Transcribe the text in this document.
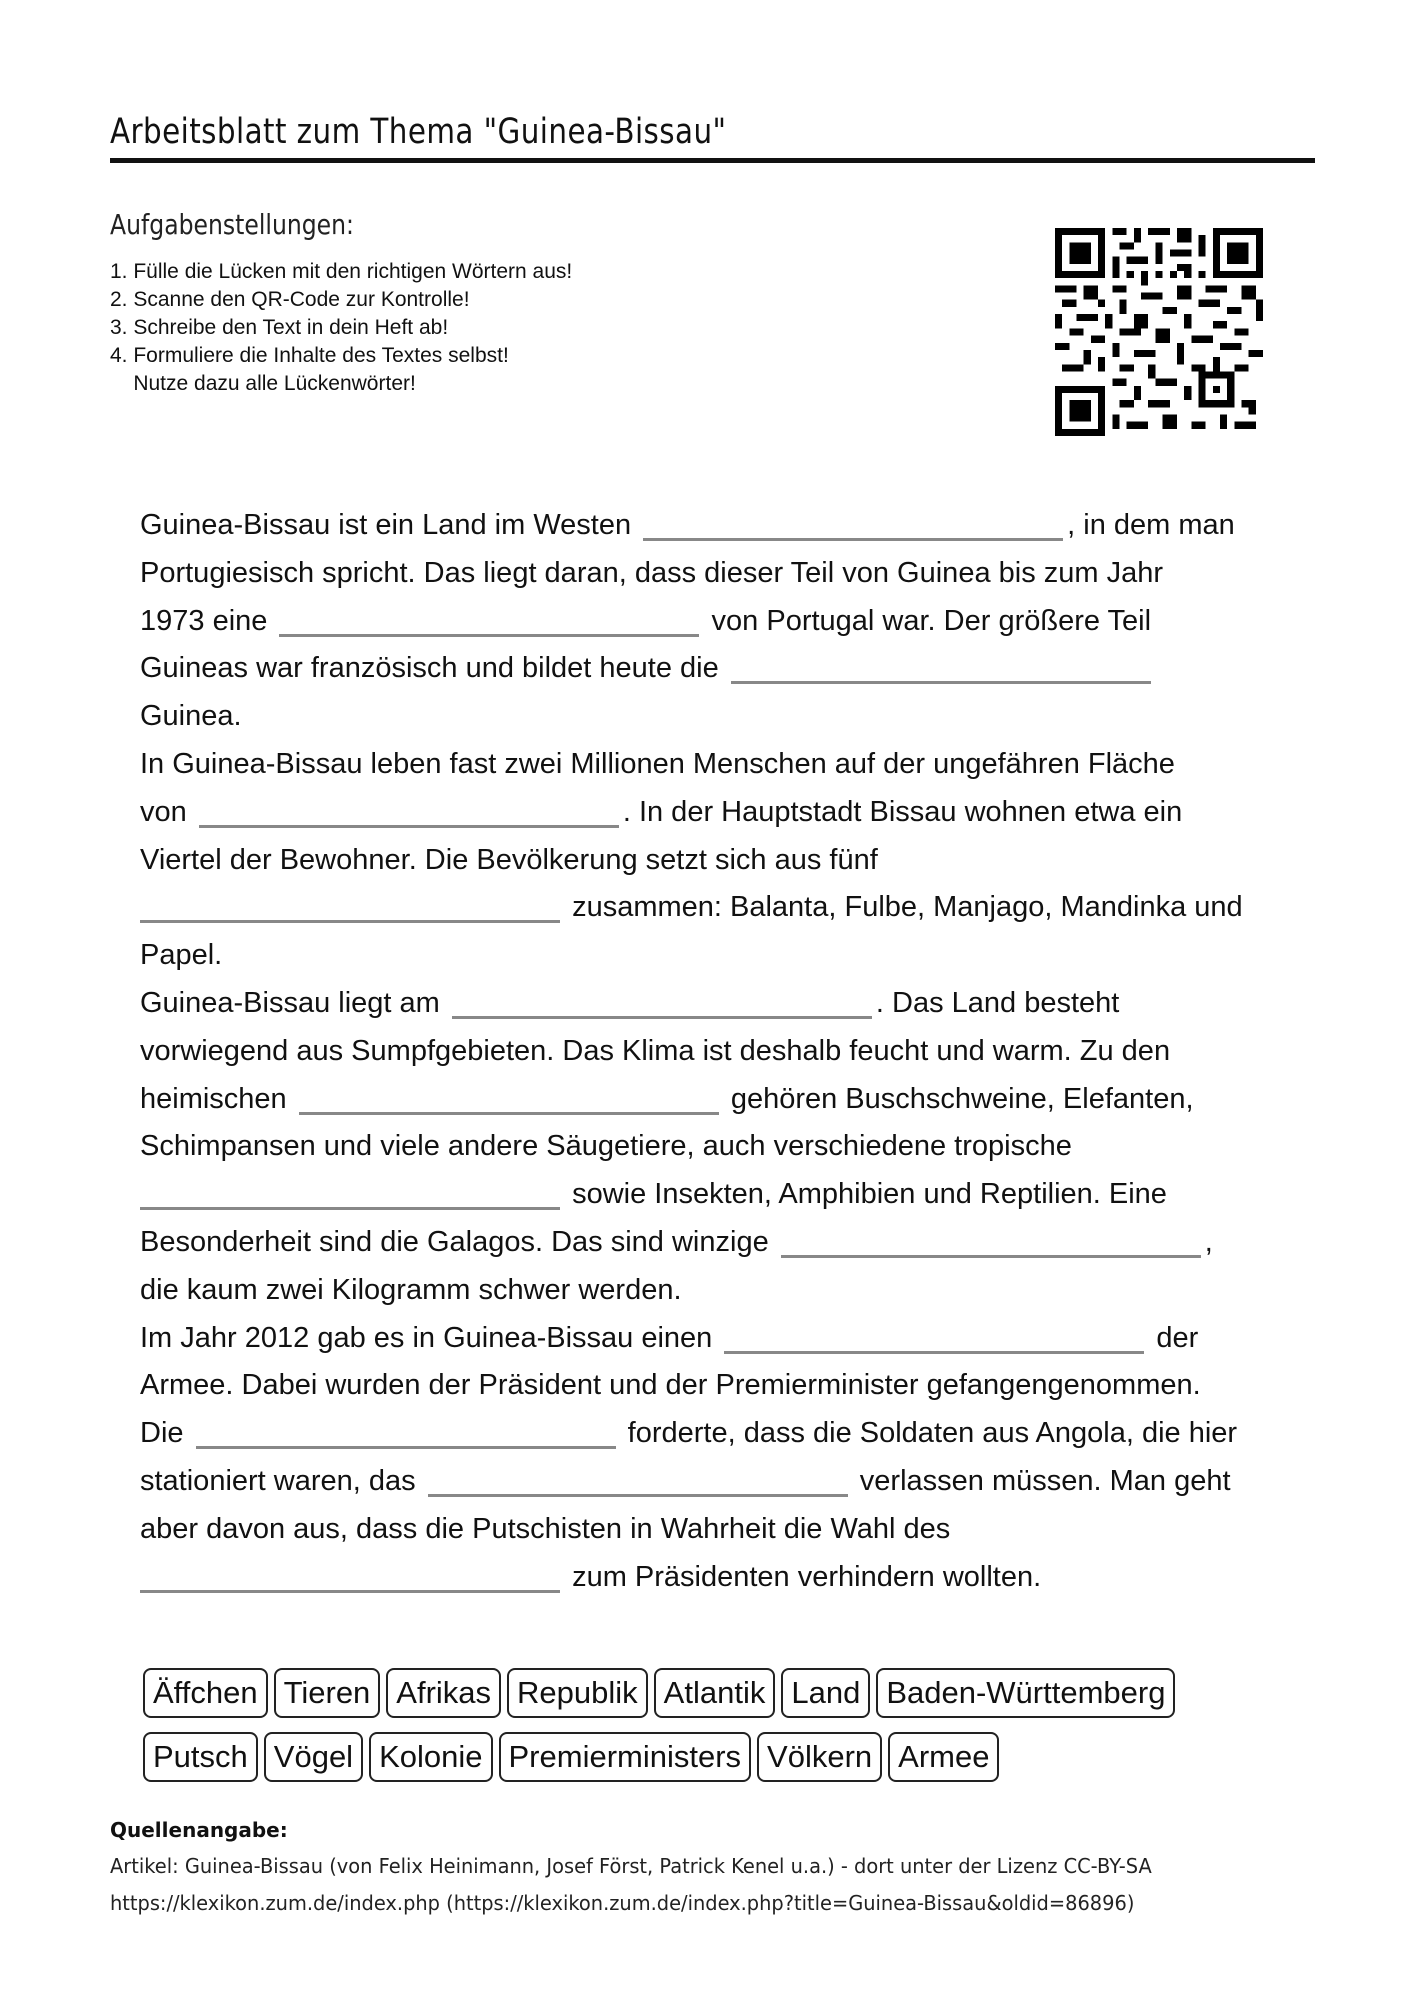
Arbeitsblatt zum Thema "Guinea-Bissau"
Aufgabenstellungen:
1. Fülle die Lücken mit den richtigen Wörtern aus!
2. Scanne den QR-Code zur Kontrolle!
3. Schreibe den Text in dein Heft ab!
4. Formuliere die Inhalte des Textes selbst!
Nutze dazu alle Lückenwörter!
Guinea-Bissau ist ein Land im Westen	, in dem man
Portugiesisch spricht. Das liegt daran, dass dieser Teil von Guinea bis zum Jahr
1973 eine	von Portugal war. Der größere Teil
Guineas war französisch und bildet heute die
Guinea.
In Guinea-Bissau leben fast zwei Millionen Menschen auf der ungefähren Fläche
von	. In der Hauptstadt Bissau wohnen etwa ein
Viertel der Bewohner. Die Bevölkerung setzt sich aus fünf
zusammen: Balanta, Fulbe, Manjago, Mandinka und
Papel.
Guinea-Bissau liegt am	. Das Land besteht
vorwiegend aus Sumpfgebieten. Das Klima ist deshalb feucht und warm. Zu den
heimischen	gehören Buschschweine, Elefanten,
Schimpansen und viele andere Säugetiere, auch verschiedene tropische
sowie Insekten, Amphibien und Reptilien. Eine
Besonderheit sind die Galagos. Das sind winzige	,
die kaum zwei Kilogramm schwer werden.
Im Jahr 2012 gab es in Guinea-Bissau einen	der
Armee. Dabei wurden der Präsident und der Premierminister gefangengenommen.
Die	forderte, dass die Soldaten aus Angola, die hier
stationiert waren, das	verlassen müssen. Man geht
aber davon aus, dass die Putschisten in Wahrheit die Wahl des
zum Präsidenten verhindern wollten.
Äffchen Tieren Afrikas Republik Atlantik Land Baden-Württemberg
Putsch Vögel Kolonie Premierministers Völkern Armee
Quellenangabe:
Artikel: Guinea-Bissau (von Felix Heinimann, Josef Först, Patrick Kenel u.a.) - dort unter der Lizenz CC-BY-SA
https://klexikon.zum.de/index.php (https://klexikon.zum.de/index.php?title=Guinea-Bissau&oldid=86896)
